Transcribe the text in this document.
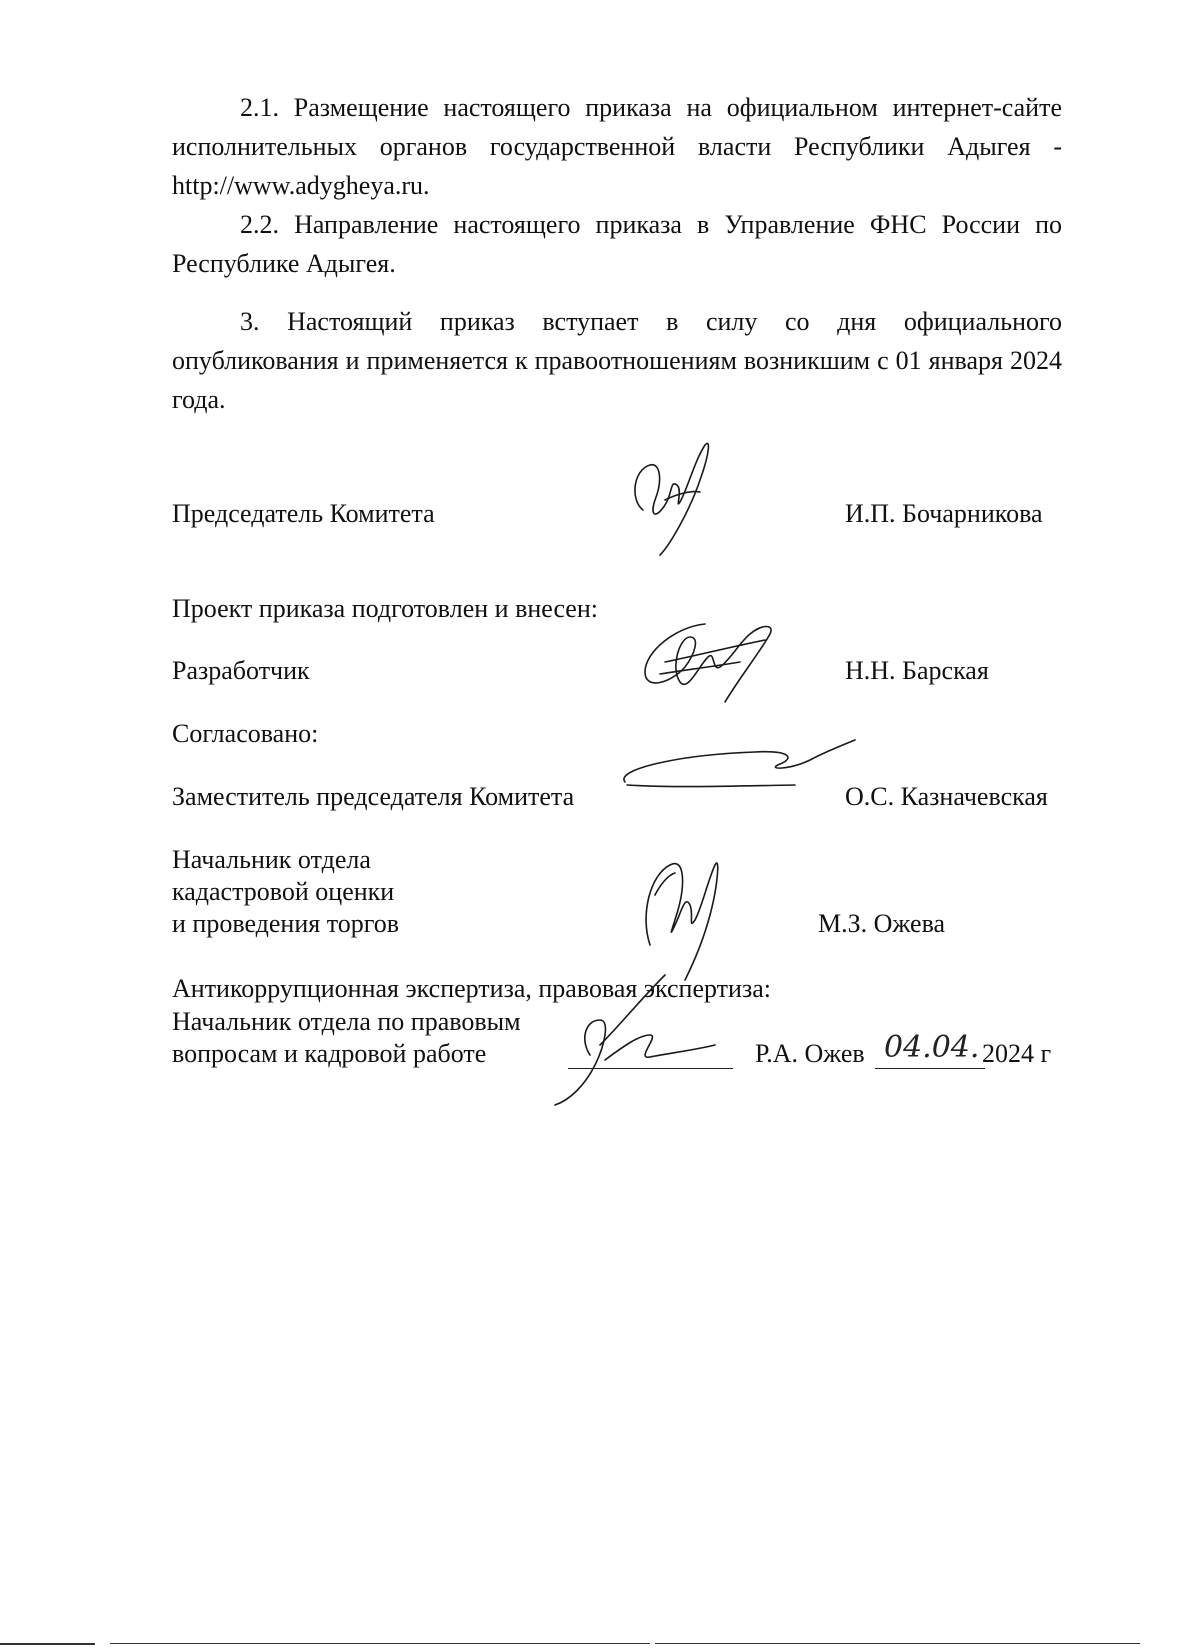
2.1. Размещение настоящего приказа на официальном интернет-сайте исполнительных органов государственной власти Республики Адыгея - http://www.adygheya.ru.

2.2. Направление настоящего приказа в Управление ФНС России по Республике Адыгея.

3. Настоящий приказ вступает в силу со дня официального опубликования и применяется к правоотношениям возникшим с 01 января 2024 года.

Председатель Комитета	И.П. Бочарникова
Проект приказа подготовлен и внесен:
Разработчик	Н.Н. Барская
Согласовано:
Заместитель председателя Комитета	О.С. Казначевская
Начальник отдела
кадастровой оценки
и проведения торгов	М.З. Ожева
Антикоррупционная экспертиза, правовая экспертиза:
Начальник отдела по правовым
вопросам и кадровой работе	Р.А. Ожев 04.04. 2024 г
